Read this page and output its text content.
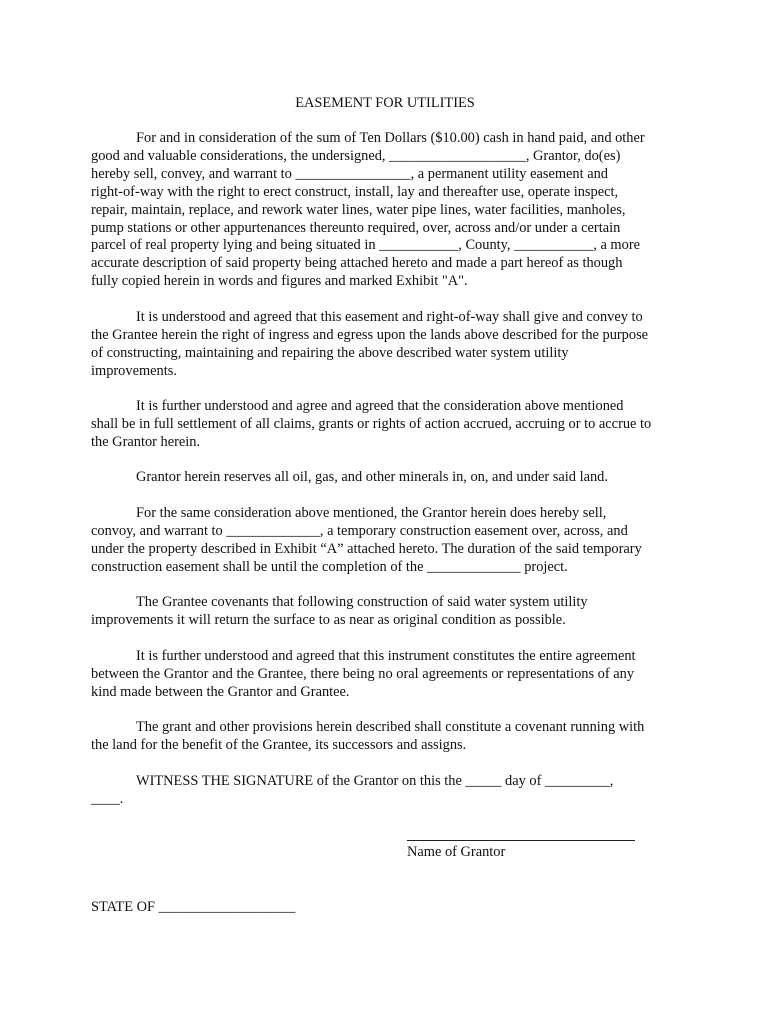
EASEMENT FOR UTILITIES
For and in consideration of the sum of Ten Dollars ($10.00) cash in hand paid, and other
good and valuable considerations, the undersigned, ___________________, Grantor, do(es)
hereby sell, convey, and warrant to ________________, a permanent utility easement and
right-of-way with the right to erect construct, install, lay and thereafter use, operate inspect,
repair, maintain, replace, and rework water lines, water pipe lines, water facilities, manholes,
pump stations or other appurtenances thereunto required, over, across and/or under a certain
parcel of real property lying and being situated in ___________, County, ___________, a more
accurate description of said property being attached hereto and made a part hereof as though
fully copied herein in words and figures and marked Exhibit "A".
It is understood and agreed that this easement and right-of-way shall give and convey to
the Grantee herein the right of ingress and egress upon the lands above described for the purpose
of constructing, maintaining and repairing the above described water system utility
improvements.
It is further understood and agree and agreed that the consideration above mentioned
shall be in full settlement of all claims, grants or rights of action accrued, accruing or to accrue to
the Grantor herein.
Grantor herein reserves all oil, gas, and other minerals in, on, and under said land.
For the same consideration above mentioned, the Grantor herein does hereby sell,
convoy, and warrant to _____________, a temporary construction easement over, across, and
under the property described in Exhibit “A” attached hereto. The duration of the said temporary
construction easement shall be until the completion of the _____________ project.
The Grantee covenants that following construction of said water system utility
improvements it will return the surface to as near as original condition as possible.
It is further understood and agreed that this instrument constitutes the entire agreement
between the Grantor and the Grantee, there being no oral agreements or representations of any
kind made between the Grantor and Grantee.
The grant and other provisions herein described shall constitute a covenant running with
the land for the benefit of the Grantee, its successors and assigns.
WITNESS THE SIGNATURE of the Grantor on this the _____ day of _________,
____.
Name of Grantor
STATE OF ___________________
